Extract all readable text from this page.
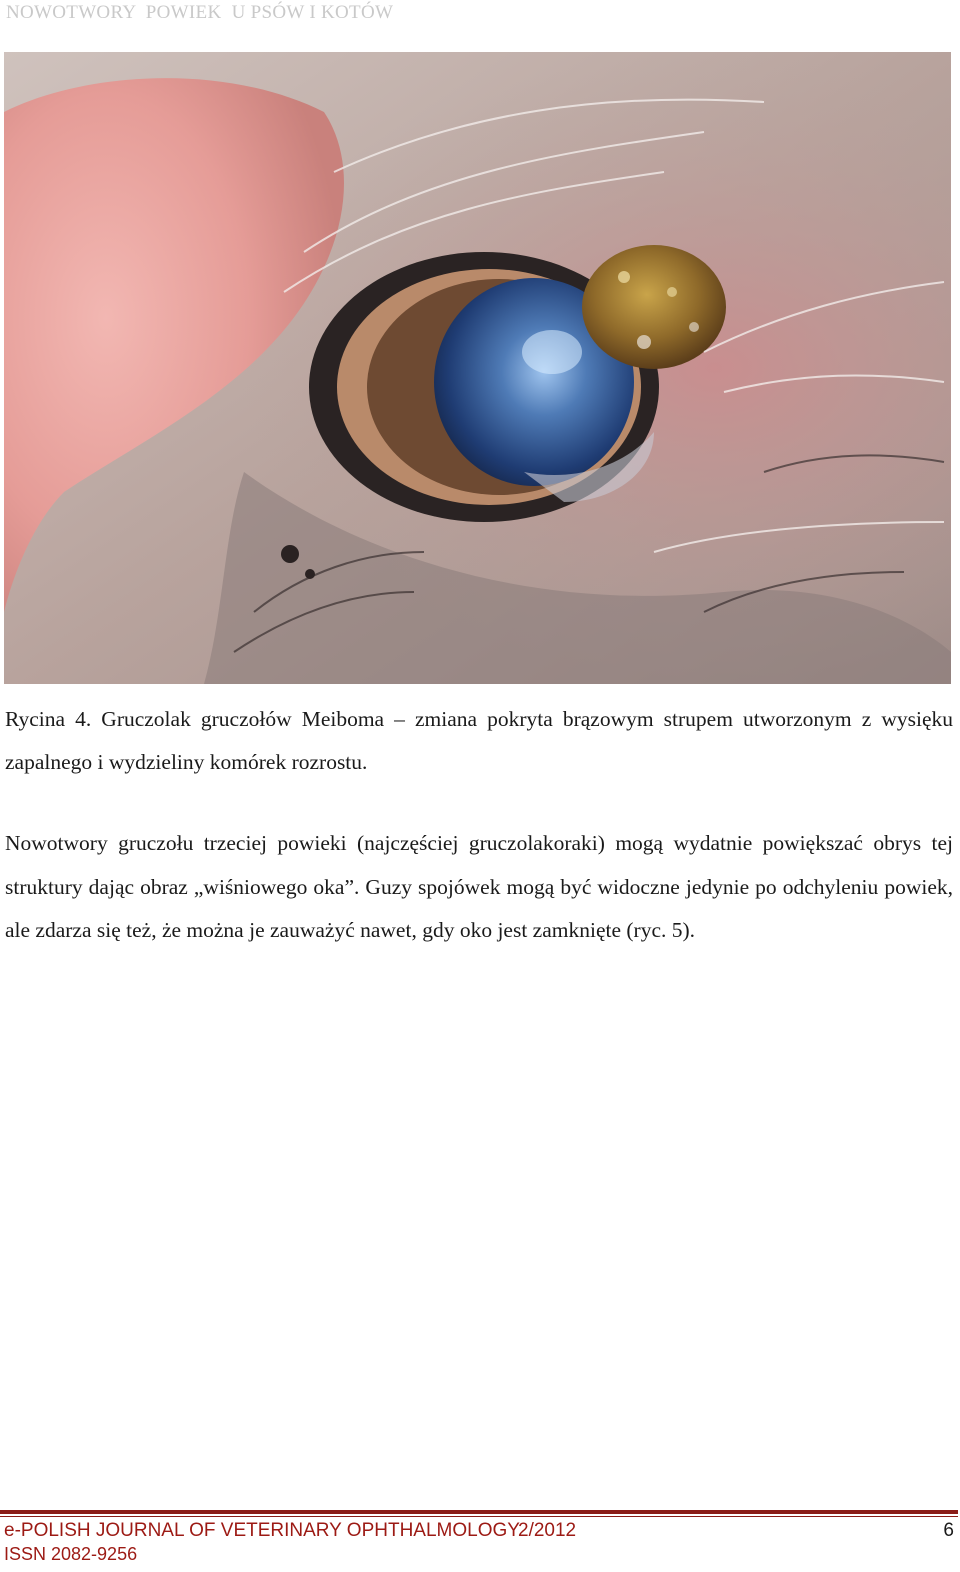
NOWOTWORY  POWIEK  U PSÓW I KOTÓW
Rycina 4. Gruczolak gruczołów Meiboma – zmiana pokryta brązowym strupem utworzonym z wysięku zapalnego i wydzieliny komórek rozrostu.
Nowotwory gruczołu trzeciej powieki (najczęściej gruczolakoraki) mogą wydatnie powiększać obrys tej struktury dając obraz „wiśniowego oka”. Guzy spojówek mogą być widoczne jedynie po odchyleniu powiek, ale zdarza się też, że można je zauważyć nawet, gdy oko jest zamknięte (ryc. 5).
e-POLISH JOURNAL OF VETERINARY OPHTHALMOLOGY
2/2012	6
ISSN 2082-9256
